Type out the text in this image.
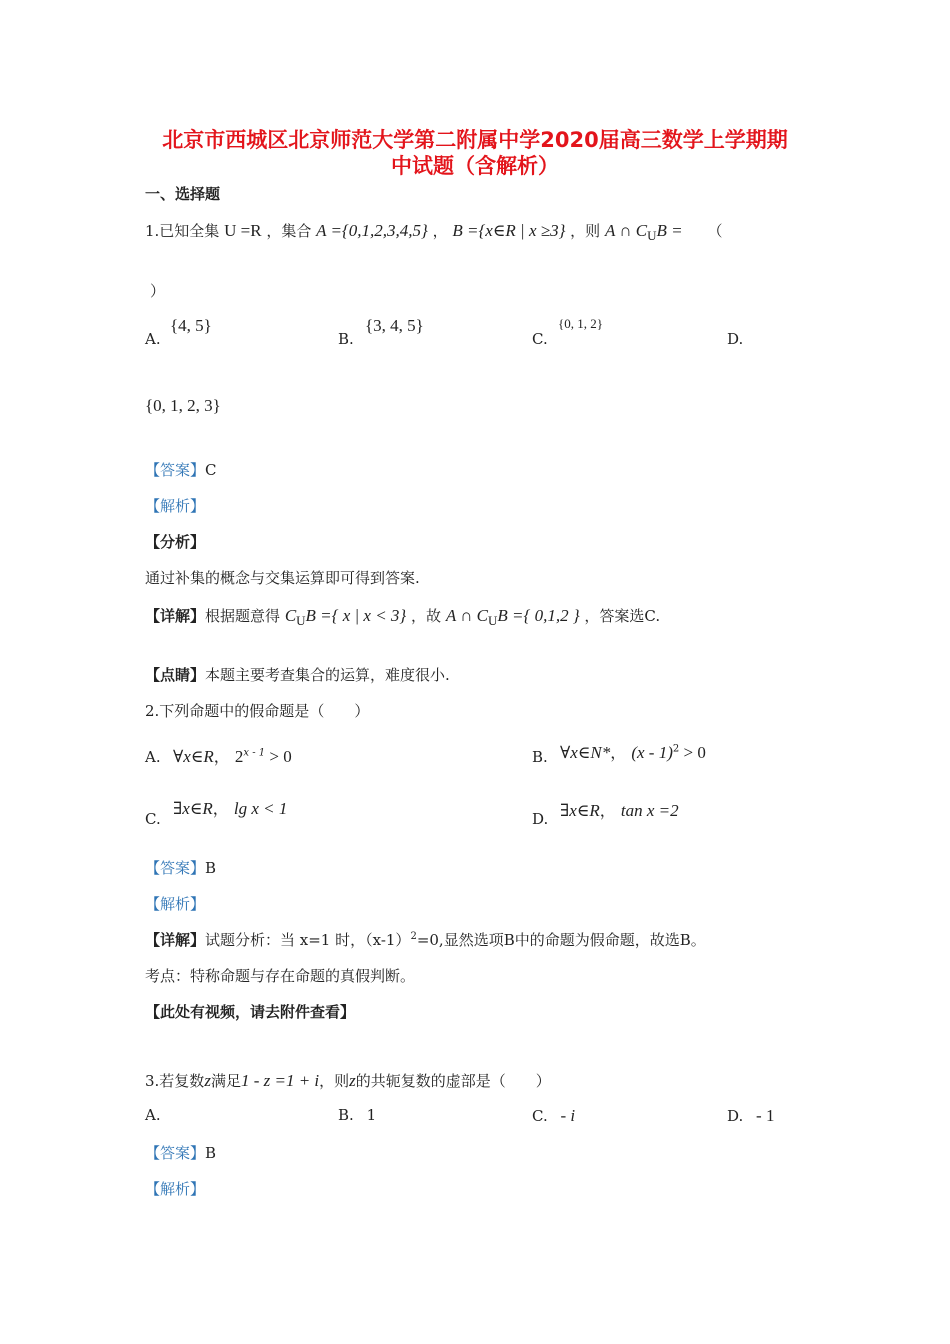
北京市西城区北京师范大学第二附属中学2020届高三数学上学期期
中试题（含解析）
一、选择题
1.已知全集 U =R ，集合 A ={0,1,2,3,4,5} ， B ={x∈R | x ≥3} ，则 A ∩ $C_UB$ = （
）
A.
{4, 5}
B.
{3, 4, 5}
C.
{0, 1, 2}
D.
{0, 1, 2, 3}
【答案】C
【解析】
【分析】
通过补集的概念与交集运算即可得到答案.
【详解】根据题意得 $C_UB$ ={ x | x < 3} ，故 A ∩ $C_UB$ ={ 0,1,2 } ，答案选C.
【点睛】本题主要考查集合的运算，难度很小.
2.下列命题中的假命题是（　　）
A. ∀x∈R， $2^{x - 1} > 0$	B. ∀x∈N*， (x - 1)$^2$ > 0
C.
∃x∈R， lg x < 1
D. ∃x∈R， tan x =2
【答案】B
【解析】
【详解】试题分析：当 x=1 时，$(x-1)^2=0$,显然选项B中的命题为假命题，故选B。
考点：特称命题与存在命题的真假判断。
【此处有视频，请去附件查看】
3.若复数z满足1 - z =1 + i，则z的共轭复数的虚部是（　　）
A.	B. 1	C. - i	D. - 1
【答案】B
【解析】
